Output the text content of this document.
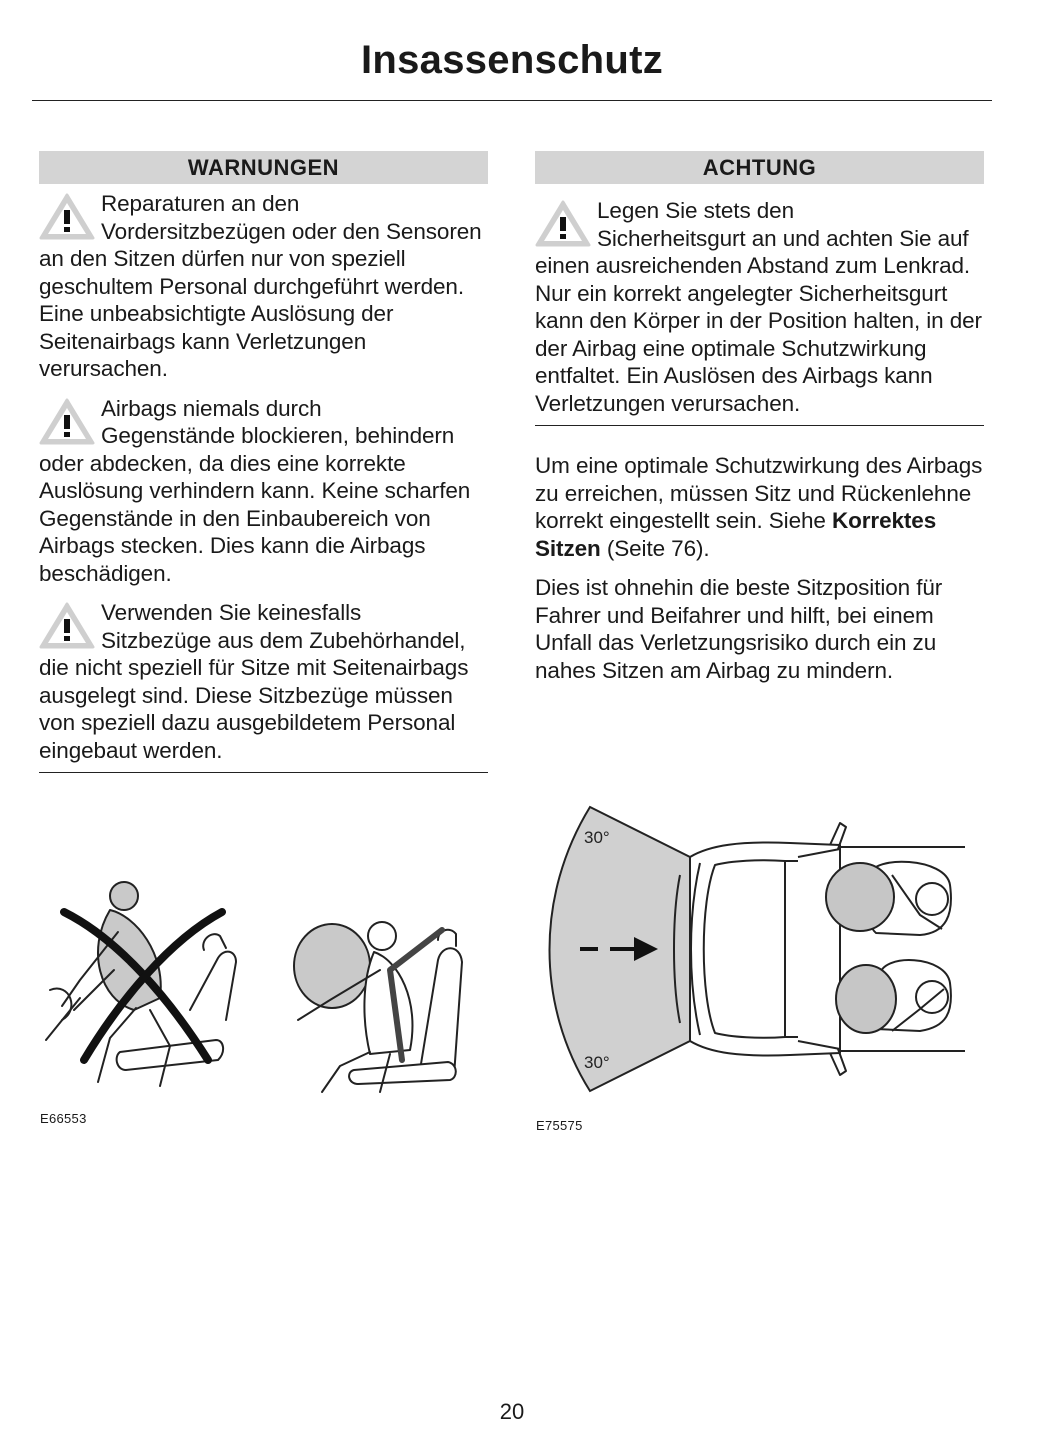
Insassenschutz
WARNUNGEN
Reparaturen an den
Vordersitzbezügen oder den Sensoren an den Sitzen dürfen nur von speziell geschultem Personal durchgeführt werden. Eine unbeabsichtigte Auslösung der Seitenairbags kann Verletzungen verursachen.
Airbags niemals durch
Gegenstände blockieren, behindern oder abdecken, da dies eine korrekte Auslösung verhindern kann. Keine scharfen Gegenstände in den Einbaubereich von Airbags stecken. Dies kann die Airbags beschädigen.
Verwenden Sie keinesfalls
Sitzbezüge aus dem Zubehörhandel, die nicht speziell für Sitze mit Seitenairbags ausgelegt sind. Diese Sitzbezüge müssen von speziell dazu ausgebildetem Personal eingebaut werden.
ACHTUNG
Legen Sie stets den
Sicherheitsgurt an und achten Sie auf einen ausreichenden Abstand zum Lenkrad. Nur ein korrekt angelegter Sicherheitsgurt kann den Körper in der Position halten, in der der Airbag eine optimale Schutzwirkung entfaltet. Ein Auslösen des Airbags kann Verletzungen verursachen.

Um eine optimale Schutzwirkung des Airbags zu erreichen, müssen Sitz und Rückenlehne korrekt eingestellt sein. Siehe Korrektes Sitzen (Seite 76).

Dies ist ohnehin die beste Sitzposition für Fahrer und Beifahrer und hilft, bei einem Unfall das Verletzungsrisiko durch ein zu nahes Sitzen am Airbag zu mindern.

E66553
30°
30°
E75575
20
